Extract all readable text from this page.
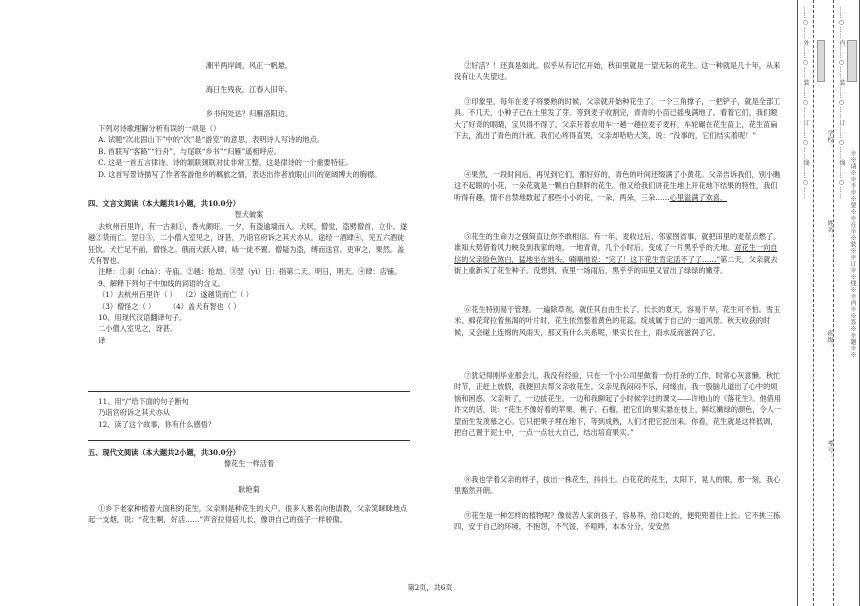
潮平两岸阔，风正一帆悬。

海日生残夜，江春入旧年。

乡书何处达？归雁洛阳边。

下列对诗歌理解分析有误的一项是（）

A. 试题“次北固山下”中的“次”是“游览”的意思，表明诗人写诗的地点。

B. 首联写“客路”“行舟”，与尾联“乡书”“归雁”遥相呼应。

C. 这是一首五言律诗。诗的颔联颈联对仗非常工整，这是律诗的一个重要特征。

D. 这首写景诗描写了作者客游他乡的羁旅之情，表达出作者放眼山川的宽阔博大的胸襟。

四、文言文阅读（本大题共1小题，共10.0分）

智犬破案

去杭州百里许，有一古刹①，香火颇旺。一夕，有盗逾墙而入。犬吠，僧觉，盗劈僧首，立仆。遂越②货而亡。翌日③，二小僧入室见之，讶甚，乃诣官府诉之其犬亦从。途经一酒肆④，见五六酒徒狂饮。犬伫足不前，僧怪之。俄而犬跃入肆，啮一徒不置。僧疑为盗，缚而送官。吏审之，果然。盖犬有智也。

注释：①刹（chà）：寺庙。②越：抢劫。③翌（yì）日：指第二天。明日，明天。④肆：店铺。

9、解释下列句子中加线的词语的含义。

（1）去杭州百里许（ ） （2）遂越货而亡（ ）

（3）僧怪之（ ） （4）盖犬有智也（ ）

10、用现代汉语翻译句子。

二小僧入室见之，讶甚。

译

11、用“/”给下面的句子断句

乃诣官府诉之其犬亦从

12、读了这个故事，你有什么感悟？

五、现代文阅读（本大题共2小题，共30.0分）

像花生一样活着

耿艳菊

①乡下老家种植着大面积的花生，父亲则是种花生的大户。很多人慕名向他请教，父亲笑眯眯地点起一支烟，说：“花生啊，好活……”声音拉得倍儿长，像讲自己的孩子一样骄傲。

②好活？！还真是如此。似乎从有记忆开始，秋田里就是一望无际的花生。这一种就是几十年，从来没有让人失望过。

③印象里，每年在麦子将要熟的时候，父亲就开始种花生了。一个三角撑子，一把铲子，就是全部工具。不几天，小种子已在土里发了芽。等到麦子收割完，青青的小苗已摇曳满地了。看着它们，我们瞪大了好奇的眼睛，宝贝得不得了。父亲开着农用车一趟一趟拉麦子麦秆，车轮碾在花生苗上，花生苗扁下去，流出了青色的汁液。我们心疼得直哭，父亲却哈哈大笑，说：“没事的，它们结实着呢！”

④果然，一段时间后，再见到它们，都好好的，青色的叶间还缀满了小黄花。父亲告诉我们，别小瞧这不起眼的小花，一朵花就是一颗白白胖胖的花生。他又给我们讲花生地上开花地下结果的特性，我们听得有趣，情不自禁地数起了那些小小的花，一朵，两朵，三朵……心里溢满了欢喜。

⑤花生的生命力之强简直让你不敢相信。有一年，麦收过后，邻家图省事，就把田里的麦茬点燃了。谁知大势借着风力映及到我家的地，一地青青，几个小时后，变成了一片黑乎乎的天地。对花生一向自信的父亲脸色煞白，猛地坐在地头，喃喃地说：“完了！这下花生肯定活不了了……”第二天，父亲就去街上重新买了花生种子。没想到，夜里一场雨后，黑乎乎的田里又冒出了绿绿的嫩芽。

⑥花生特别易于管理。一遍除草剂，就任其自由生长了。长长的夏天，容易干旱，花生可不怕。雪玉米、棉花耷拉着焦渴的叶片时，花生依然整着黄色的花蕊，绽成属于自己的一道风景。秋天收获的时候，又会碰上连绵的风雨天，那又有什么关系呢，果实长在土，雨水反而滋润了它。

⑦犹记得刚毕业那会儿，我没有经验，只在一个小公司里做着一份打杂的工作，时常心灰意懒。秋忙时节，正赶上放假，我便回去帮父亲收花生。父亲见我闷闷不乐，问缘由，我一股脑儿道出了心中的烦恼和困惑。父亲听了，一边拔花生，一边和我聊起了小时候学过的课文——许地山的《落花生》。他借用许文的话，说：“花生不像好看的苹果、桃子、石榴，把它们的果实悬在枝上，鲜红嫩绿的颜色，令人一望而生发羡慕之心。它只把果子埋在地下，等到成熟，人们才把它挖出来。你看，花生就是这样低调，把自己置于泥土中，一点一点壮大自己，结出培育果实。”

⑧我也学着父亲的样子，拔出一株花生，抖抖土。白花花的花生，太阳下，晃人的眼，那一刻，我心里豁然开朗。

⑨花生是一种怎样的植物呢？像贫苦人家的孩子，容易养，给口吃的，便兜兜着往上长。它不挑三拣四，安于自己的环境，不抱怨，不气馁，不喧哗，本本分分，安安然

第2页，共6页
……○……外……○……装……○……订……○……线……○……	学校：
姓名：
班级：
考号：
……○……内……○……装……○……订……○……线……○……
※※请※※不※※要※※在※※装※※订※※线※※内※※答※※题※※
